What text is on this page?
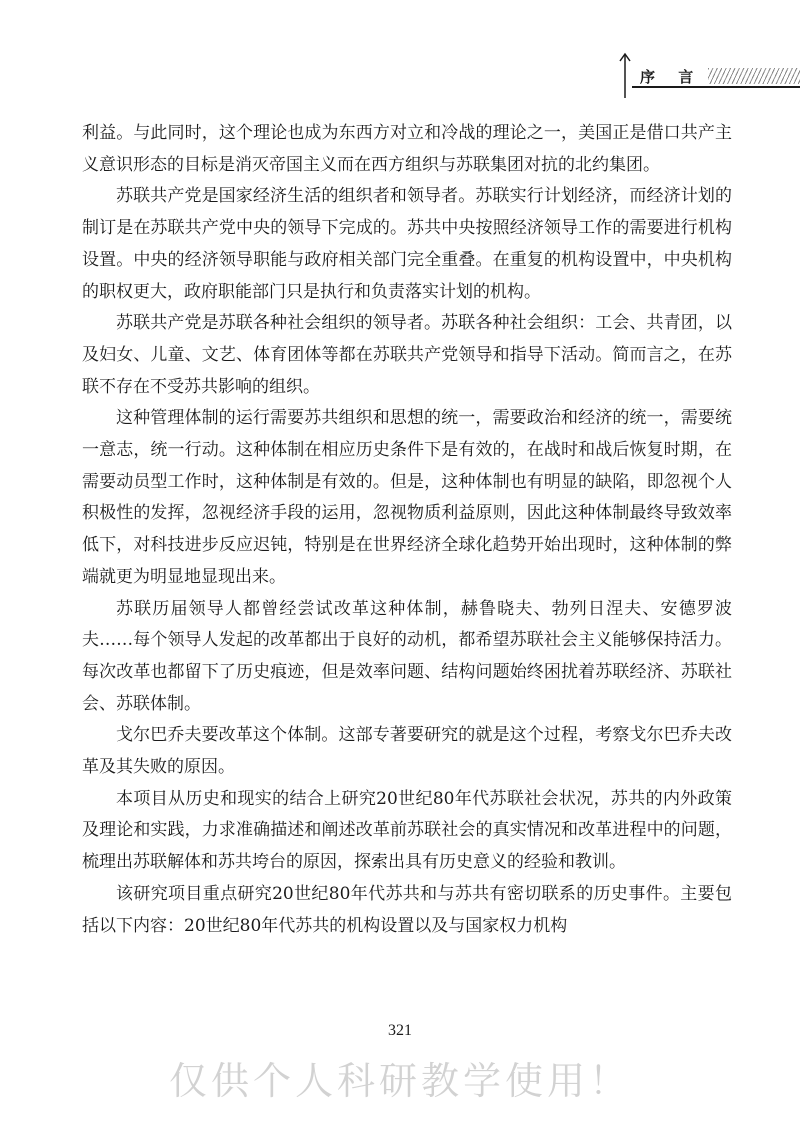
序 言

利益。与此同时，这个理论也成为东西方对立和冷战的理论之一，美国正是借口共产主义意识形态的目标是消灭帝国主义而在西方组织与苏联集团对抗的北约集团。

苏联共产党是国家经济生活的组织者和领导者。苏联实行计划经济，而经济计划的制订是在苏联共产党中央的领导下完成的。苏共中央按照经济领导工作的需要进行机构设置。中央的经济领导职能与政府相关部门完全重叠。在重复的机构设置中，中央机构的职权更大，政府职能部门只是执行和负责落实计划的机构。

苏联共产党是苏联各种社会组织的领导者。苏联各种社会组织：工会、共青团，以及妇女、儿童、文艺、体育团体等都在苏联共产党领导和指导下活动。简而言之，在苏联不存在不受苏共影响的组织。

这种管理体制的运行需要苏共组织和思想的统一，需要政治和经济的统一，需要统一意志，统一行动。这种体制在相应历史条件下是有效的，在战时和战后恢复时期，在需要动员型工作时，这种体制是有效的。但是，这种体制也有明显的缺陷，即忽视个人积极性的发挥，忽视经济手段的运用，忽视物质利益原则，因此这种体制最终导致效率低下，对科技进步反应迟钝，特别是在世界经济全球化趋势开始出现时，这种体制的弊端就更为明显地显现出来。

苏联历届领导人都曾经尝试改革这种体制，赫鲁晓夫、勃列日涅夫、安德罗波夫……每个领导人发起的改革都出于良好的动机，都希望苏联社会主义能够保持活力。每次改革也都留下了历史痕迹，但是效率问题、结构问题始终困扰着苏联经济、苏联社会、苏联体制。

戈尔巴乔夫要改革这个体制。这部专著要研究的就是这个过程，考察戈尔巴乔夫改革及其失败的原因。

本项目从历史和现实的结合上研究20世纪80年代苏联社会状况，苏共的内外政策及理论和实践，力求准确描述和阐述改革前苏联社会的真实情况和改革进程中的问题，梳理出苏联解体和苏共垮台的原因，探索出具有历史意义的经验和教训。

该研究项目重点研究20世纪80年代苏共和与苏共有密切联系的历史事件。主要包括以下内容：20世纪80年代苏共的机构设置以及与国家权力机构

321
仅供个人科研教学使用！
